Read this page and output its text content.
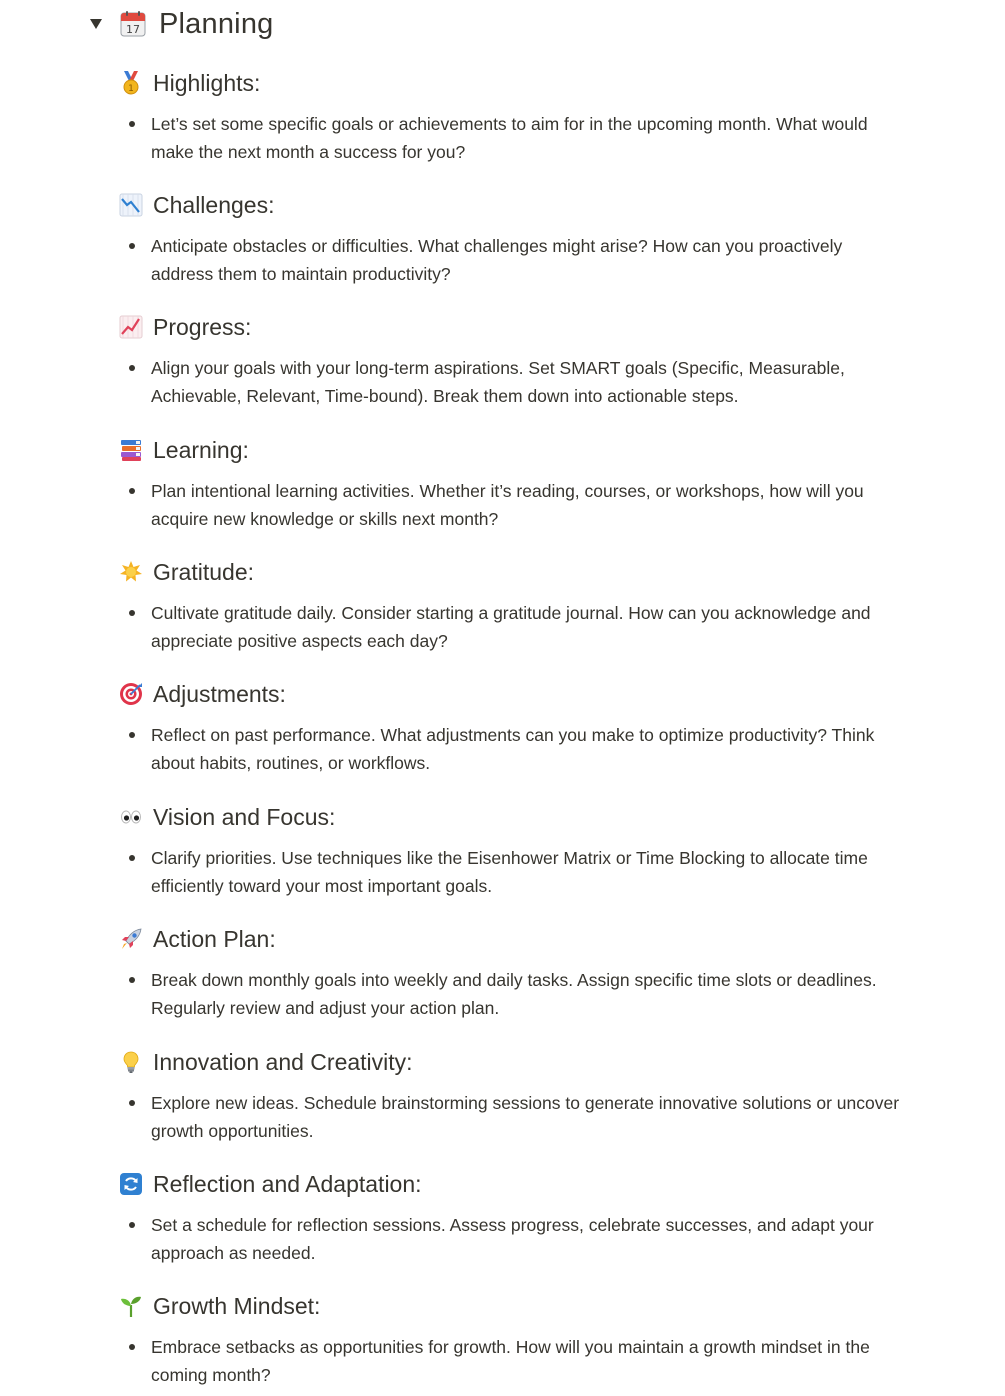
17 Planning
1 Highlights:

Let’s set some specific goals or achievements to aim for in the upcoming month. What would make the next month a success for you?

Challenges:

Anticipate obstacles or difficulties. What challenges might arise? How can you proactively address them to maintain productivity?

Progress:

Align your goals with your long-term aspirations. Set SMART goals (Specific, Measurable, Achievable, Relevant, Time-bound). Break them down into actionable steps.

Learning:

Plan intentional learning activities. Whether it’s reading, courses, or workshops, how will you acquire new knowledge or skills next month?

Gratitude:

Cultivate gratitude daily. Consider starting a gratitude journal. How can you acknowledge and appreciate positive aspects each day?

Adjustments:

Reflect on past performance. What adjustments can you make to optimize productivity? Think about habits, routines, or workflows.

Vision and Focus:

Clarify priorities. Use techniques like the Eisenhower Matrix or Time Blocking to allocate time efficiently toward your most important goals.

Action Plan:

Break down monthly goals into weekly and daily tasks. Assign specific time slots or deadlines. Regularly review and adjust your action plan.

Innovation and Creativity:

Explore new ideas. Schedule brainstorming sessions to generate innovative solutions or uncover growth opportunities.

Reflection and Adaptation:

Set a schedule for reflection sessions. Assess progress, celebrate successes, and adapt your approach as needed.

Growth Mindset:

Embrace setbacks as opportunities for growth. How will you maintain a growth mindset in the coming month?
